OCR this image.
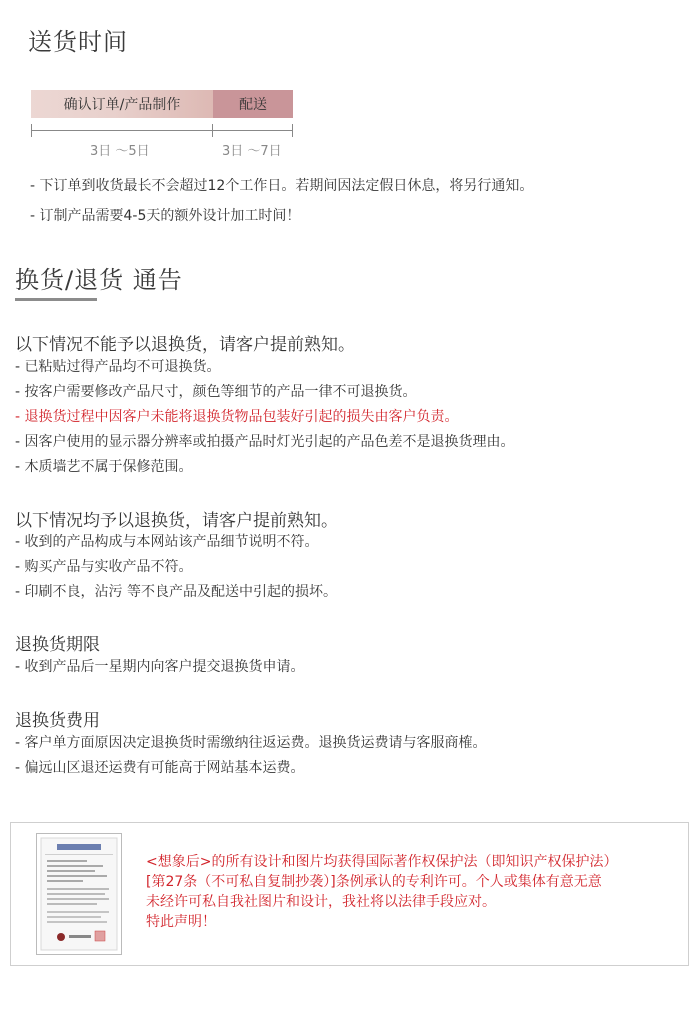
送货时间
确认订单/产品制作	配送
3日 ～5日	3日 ～7日
- 下订单到收货最长不会超过12个工作日。若期间因法定假日休息，将另行通知。
- 订制产品需要4-5天的额外设计加工时间！
换货/退货 通告
以下情况不能予以退换货，请客户提前熟知。
- 已粘贴过得产品均不可退换货。
- 按客户需要修改产品尺寸，颜色等细节的产品一律不可退换货。
- 退换货过程中因客户未能将退换货物品包装好引起的损失由客户负责。
- 因客户使用的显示器分辨率或拍摄产品时灯光引起的产品色差不是退换货理由。
- 木质墙艺不属于保修范围。
以下情况均予以退换货，请客户提前熟知。
- 收到的产品构成与本网站该产品细节说明不符。
- 购买产品与实收产品不符。
- 印刷不良，沾污 等不良产品及配送中引起的损坏。
退换货期限
- 收到产品后一星期内向客户提交退换货申请。
退换货费用
- 客户单方面原因决定退换货时需缴纳往返运费。退换货运费请与客服商榷。
- 偏远山区退还运费有可能高于网站基本运费。
<想象后>的所有设计和图片均获得国际著作权保护法（即知识产权保护法）
[第27条（不可私自复制抄袭）]条例承认的专利许可。个人或集体有意无意
未经许可私自我社图片和设计，我社将以法律手段应对。
特此声明！
